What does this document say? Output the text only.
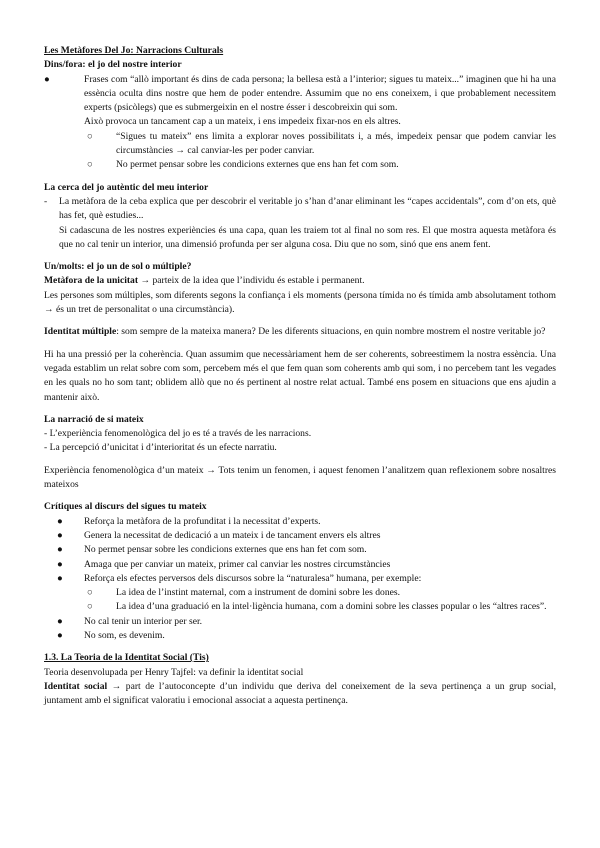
Les Metàfores Del Jo: Narracions Culturals

Dins/fora: el jo del nostre interior

●	Frases com “allò important és dins de cada persona; la bellesa està a l’interior; sigues tu mateix...” imaginen que hi ha una essència oculta dins nostre que hem de poder entendre. Assumim que no ens coneixem, i que probablement necessitem experts (psicòlegs) que es submergeixin en el nostre ésser i descobreixin qui som.
Això provoca un tancament cap a un mateix, i ens impedeix fixar-nos en els altres.
○ “Sigues tu mateix” ens limita a explorar noves possibilitats i, a més, impedeix pensar que podem canviar les circumstàncies → cal canviar-les per poder canviar.
○ No permet pensar sobre les condicions externes que ens han fet com som.

La cerca del jo autèntic del meu interior

- La metàfora de la ceba explica que per descobrir el veritable jo s’han d’anar eliminant les “capes accidentals”, com d’on ets, què has fet, què estudies...

Si cadascuna de les nostres experiències és una capa, quan les traiem tot al final no som res. El que mostra aquesta metàfora és que no cal tenir un interior, una dimensió profunda per ser alguna cosa. Diu que no som, sinó que ens anem fent.

Un/molts: el jo un de sol o múltiple?

Metàfora de la unicitat → parteix de la idea que l’individu és estable i permanent.

Les persones som múltiples, som diferents segons la confiança i els moments (persona tímida no és tímida amb absolutament tothom → és un tret de personalitat o una circumstància).

Identitat múltiple: som sempre de la mateixa manera? De les diferents situacions, en quin nombre mostrem el nostre veritable jo?

Hi ha una pressió per la coherència. Quan assumim que necessàriament hem de ser coherents, sobreestimem la nostra essència. Una vegada establim un relat sobre com som, percebem més el que fem quan som coherents amb qui som, i no percebem tant les vegades en les quals no ho som tant; oblidem allò que no és pertinent al nostre relat actual. També ens posem en situacions que ens ajudin a mantenir això.

La narració de si mateix

- L’experiència fenomenològica del jo es té a través de les narracions.

- La percepció d’unicitat i d’interioritat és un efecte narratiu.

Experiència fenomenològica d’un mateix → Tots tenim un fenomen, i aquest fenomen l’analitzem quan reflexionem sobre nosaltres mateixos

Crítiques al discurs del sigues tu mateix

● Reforça la metàfora de la profunditat i la necessitat d’experts.
● Genera la necessitat de dedicació a un mateix i de tancament envers els altres
● No permet pensar sobre les condicions externes que ens han fet com som.
● Amaga que per canviar un mateix, primer cal canviar les nostres circumstàncies
● Reforça els efectes perversos dels discursos sobre la “naturalesa” humana, per exemple:
○ La idea de l’instint maternal, com a instrument de domini sobre les dones.
○ La idea d’una graduació en la intel·ligència humana, com a domini sobre les classes popular o les “altres races”.
● No cal tenir un interior per ser.
● No som, es devenim.

1.3. La Teoria de la Identitat Social (Tis)

Teoria desenvolupada per Henry Tajfel: va definir la identitat social

Identitat social → part de l’autoconcepte d’un individu que deriva del coneixement de la seva pertinença a un grup social, juntament amb el significat valoratiu i emocional associat a aquesta pertinença.
